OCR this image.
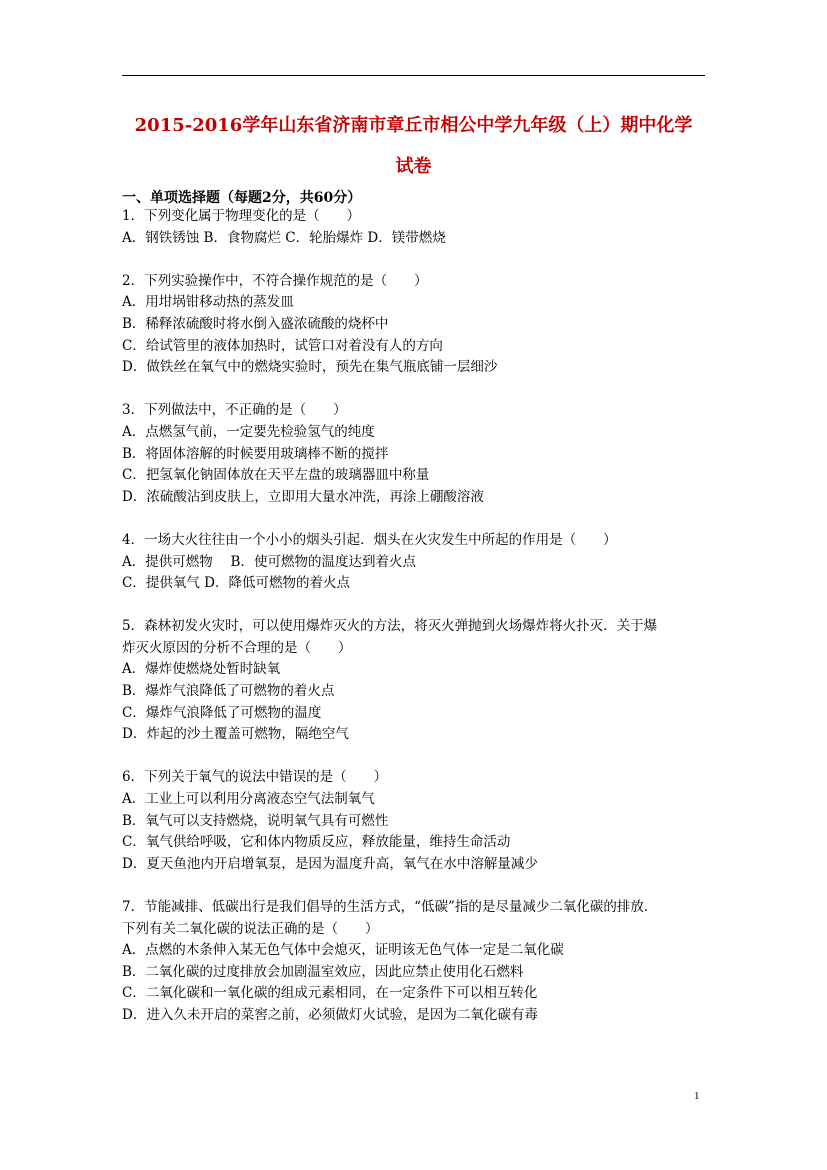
2015-2016学年山东省济南市章丘市相公中学九年级（上）期中化学
试卷
一、单项选择题（每题2分，共60分）
1．下列变化属于物理变化的是（　　）
A．钢铁锈蚀 B．食物腐烂 C．轮胎爆炸 D．镁带燃烧
2．下列实验操作中，不符合操作规范的是（　　）
A．用坩埚钳移动热的蒸发皿
B．稀释浓硫酸时将水倒入盛浓硫酸的烧杯中
C．给试管里的液体加热时，试管口对着没有人的方向
D．做铁丝在氧气中的燃烧实验时，预先在集气瓶底铺一层细沙
3．下列做法中，不正确的是（　　）
A．点燃氢气前，一定要先检验氢气的纯度
B．将固体溶解的时候要用玻璃棒不断的搅拌
C．把氢氧化钠固体放在天平左盘的玻璃器皿中称量
D．浓硫酸沾到皮肤上，立即用大量水冲洗，再涂上硼酸溶液
4．一场大火往往由一个小小的烟头引起．烟头在火灾发生中所起的作用是（　　）
A．提供可燃物　 B．使可燃物的温度达到着火点
C．提供氧气 D．降低可燃物的着火点
5．森林初发火灾时，可以使用爆炸灭火的方法，将灭火弹抛到火场爆炸将火扑灭．关于爆
炸灭火原因的分析不合理的是（　　）
A．爆炸使燃烧处暂时缺氧
B．爆炸气浪降低了可燃物的着火点
C．爆炸气浪降低了可燃物的温度
D．炸起的沙土覆盖可燃物，隔绝空气
6．下列关于氧气的说法中错误的是（　　）
A．工业上可以利用分离液态空气法制氧气
B．氧气可以支持燃烧，说明氧气具有可燃性
C．氧气供给呼吸，它和体内物质反应，释放能量，维持生命活动
D．夏天鱼池内开启增氧泵，是因为温度升高，氧气在水中溶解量减少
7．节能减排、低碳出行是我们倡导的生活方式，“低碳”指的是尽量减少二氧化碳的排放．
下列有关二氧化碳的说法正确的是（　　）
A．点燃的木条伸入某无色气体中会熄灭，证明该无色气体一定是二氧化碳
B．二氧化碳的过度排放会加剧温室效应，因此应禁止使用化石燃料
C．二氧化碳和一氧化碳的组成元素相同，在一定条件下可以相互转化
D．进入久未开启的菜窖之前，必须做灯火试验，是因为二氧化碳有毒
1
